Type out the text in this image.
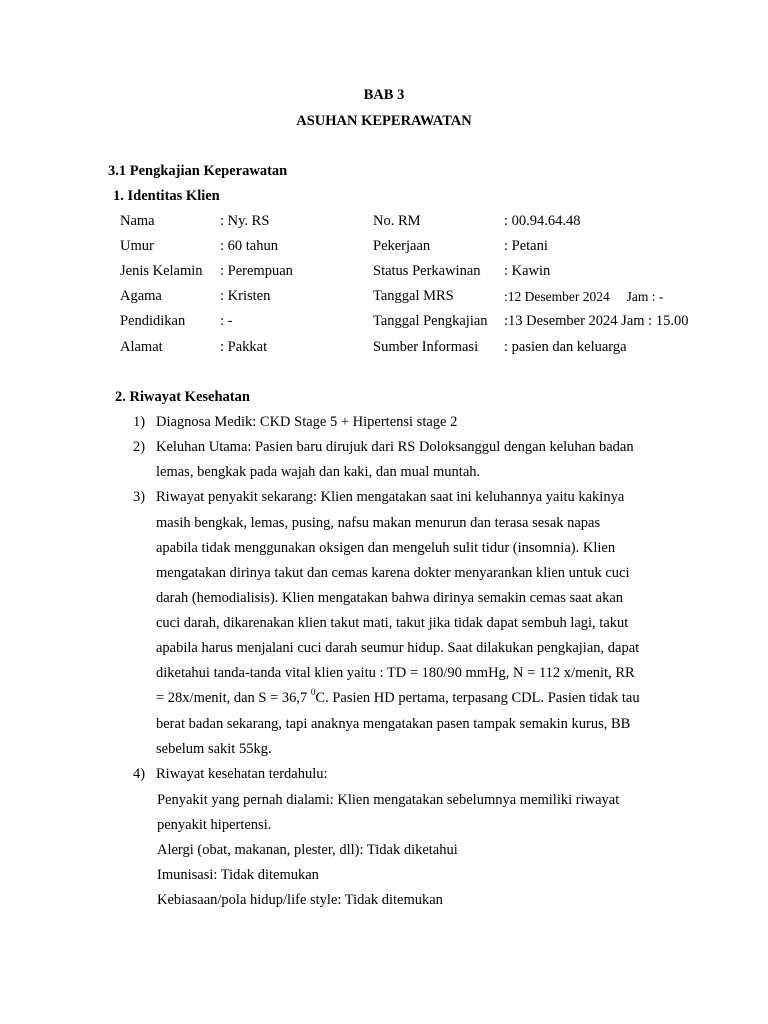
BAB 3
ASUHAN KEPERAWATAN
3.1 Pengkajian Keperawatan
1. Identitas Klien
Nama	: Ny. RS	No. RM	: 00.94.64.48
Umur	: 60 tahun	Pekerjaan	: Petani
Jenis Kelamin : Perempuan	Status Perkawinan : Kawin
Agama	: Kristen	Tanggal MRS	:12 Desember 2024     Jam : -
Pendidikan : -	Tanggal Pengkajian :13 Desember 2024 Jam : 15.00
Alamat	: Pakkat	Sumber Informasi : pasien dan keluarga
2. Riwayat Kesehatan
1) Diagnosa Medik: CKD Stage 5 + Hipertensi stage 2
2) Keluhan Utama: Pasien baru dirujuk dari RS Doloksanggul dengan keluhan badan
lemas, bengkak pada wajah dan kaki, dan mual muntah.
3) Riwayat penyakit sekarang: Klien mengatakan saat ini keluhannya yaitu kakinya
masih bengkak, lemas, pusing, nafsu makan menurun dan terasa sesak napas
apabila tidak menggunakan oksigen dan mengeluh sulit tidur (insomnia). Klien
mengatakan dirinya takut dan cemas karena dokter menyarankan klien untuk cuci
darah (hemodialisis). Klien mengatakan bahwa dirinya semakin cemas saat akan
cuci darah, dikarenakan klien takut mati, takut jika tidak dapat sembuh lagi, takut
apabila harus menjalani cuci darah seumur hidup. Saat dilakukan pengkajian, dapat
diketahui tanda-tanda vital klien yaitu : TD = 180/90 mmHg, N = 112 x/menit, RR
= 28x/menit, dan S = 36,7 $^0$C. Pasien HD pertama, terpasang CDL. Pasien tidak tau
berat badan sekarang, tapi anaknya mengatakan pasen tampak semakin kurus, BB
sebelum sakit 55kg.
4) Riwayat kesehatan terdahulu:
Penyakit yang pernah dialami: Klien mengatakan sebelumnya memiliki riwayat
penyakit hipertensi.
Alergi (obat, makanan, plester, dll): Tidak diketahui
Imunisasi: Tidak ditemukan
Kebiasaan/pola hidup/life style: Tidak ditemukan
